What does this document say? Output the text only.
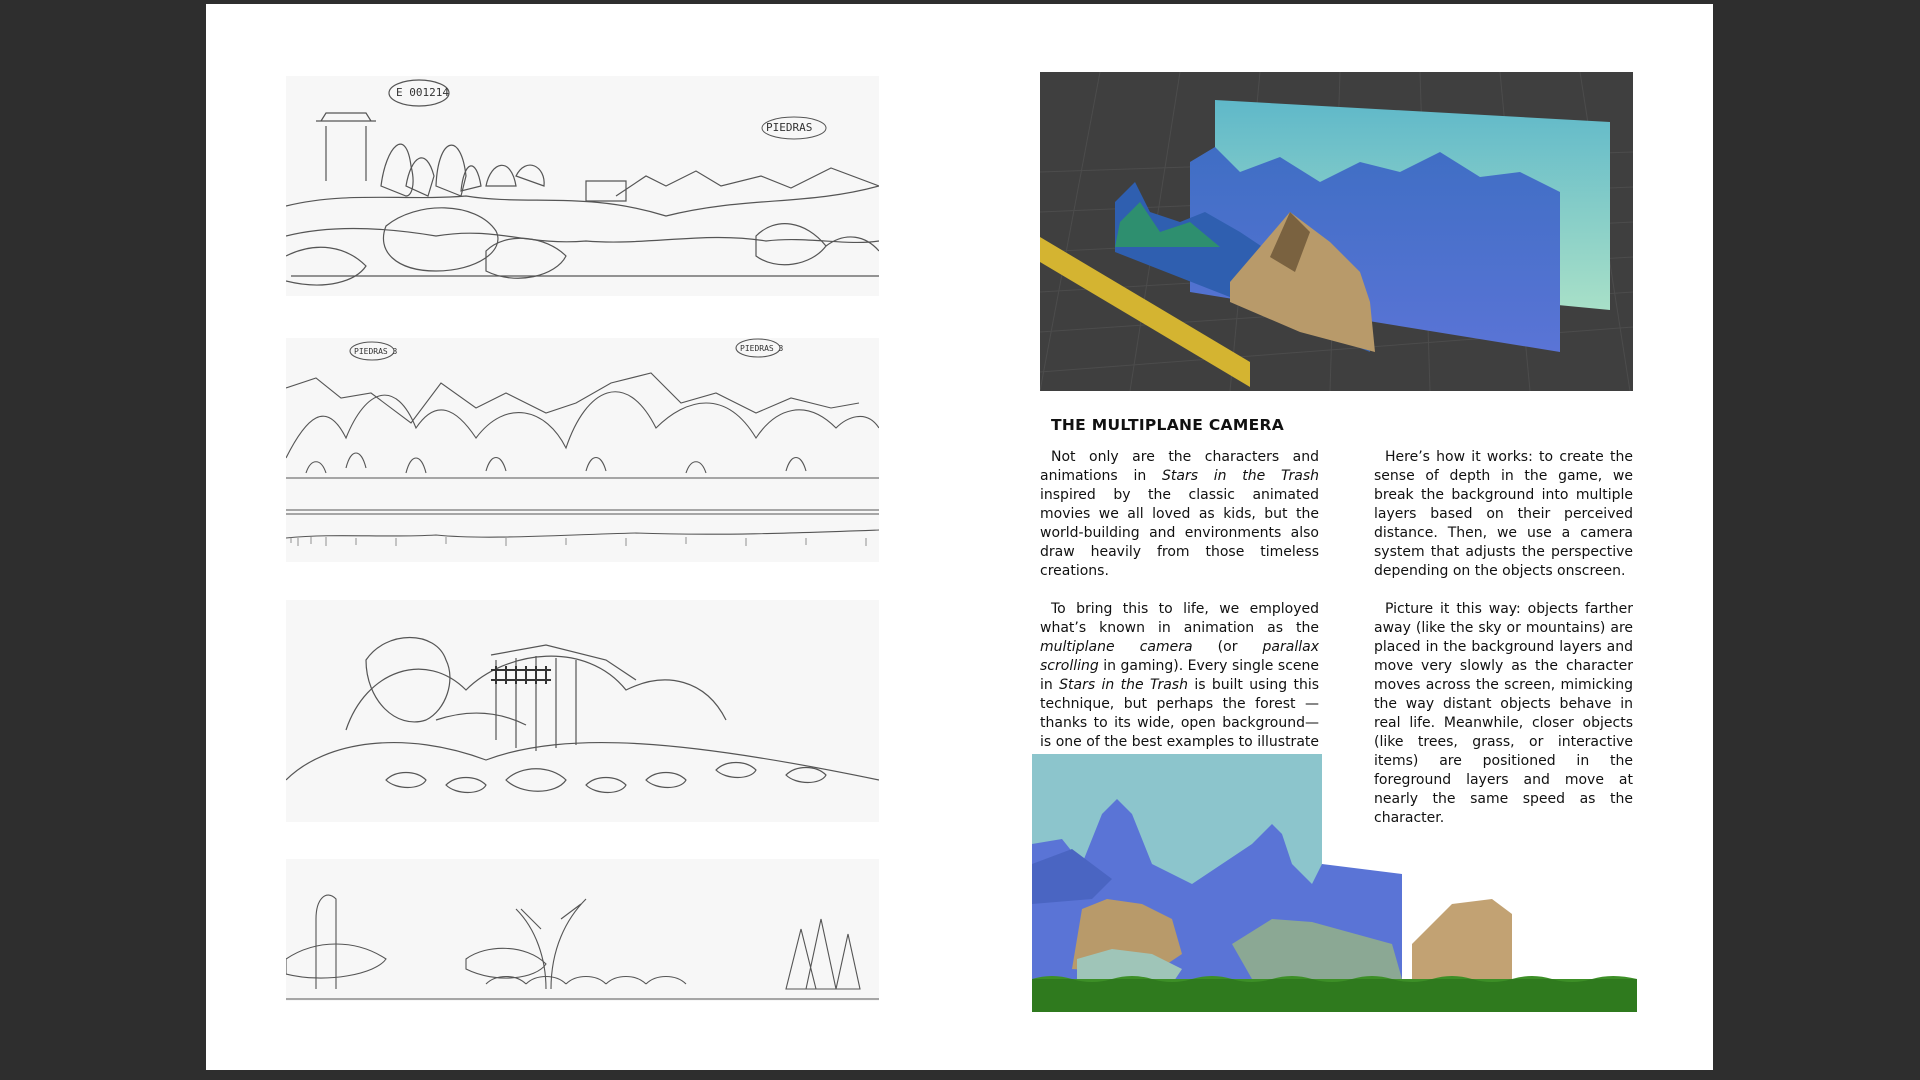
E 001214
PIEDRAS
PIEDRAS 3	PIEDRAS 3
THE MULTIPLANE CAMERA

Not only are the characters and animations in Stars in the Trash inspired by the classic animated movies we all loved as kids, but the world-building and environments also draw heavily from those timeless creations.

To bring this to life, we employed what’s known in animation as the multiplane camera (or parallax scrolling in gaming). Every single scene in Stars in the Trash is built using this technique, but perhaps the forest —thanks to its wide, open background— is one of the best examples to illustrate

Here’s how it works: to create the sense of depth in the game, we break the background into multiple layers based on their perceived distance. Then, we use a camera system that adjusts the perspective depending on the objects onscreen.

Picture it this way: objects farther away (like the sky or mountains) are placed in the background layers and move very slowly as the character moves across the screen, mimicking the way distant objects behave in real life. Meanwhile, closer objects (like trees, grass, or interactive items) are positioned in the foreground layers and move at nearly the same speed as the character.
